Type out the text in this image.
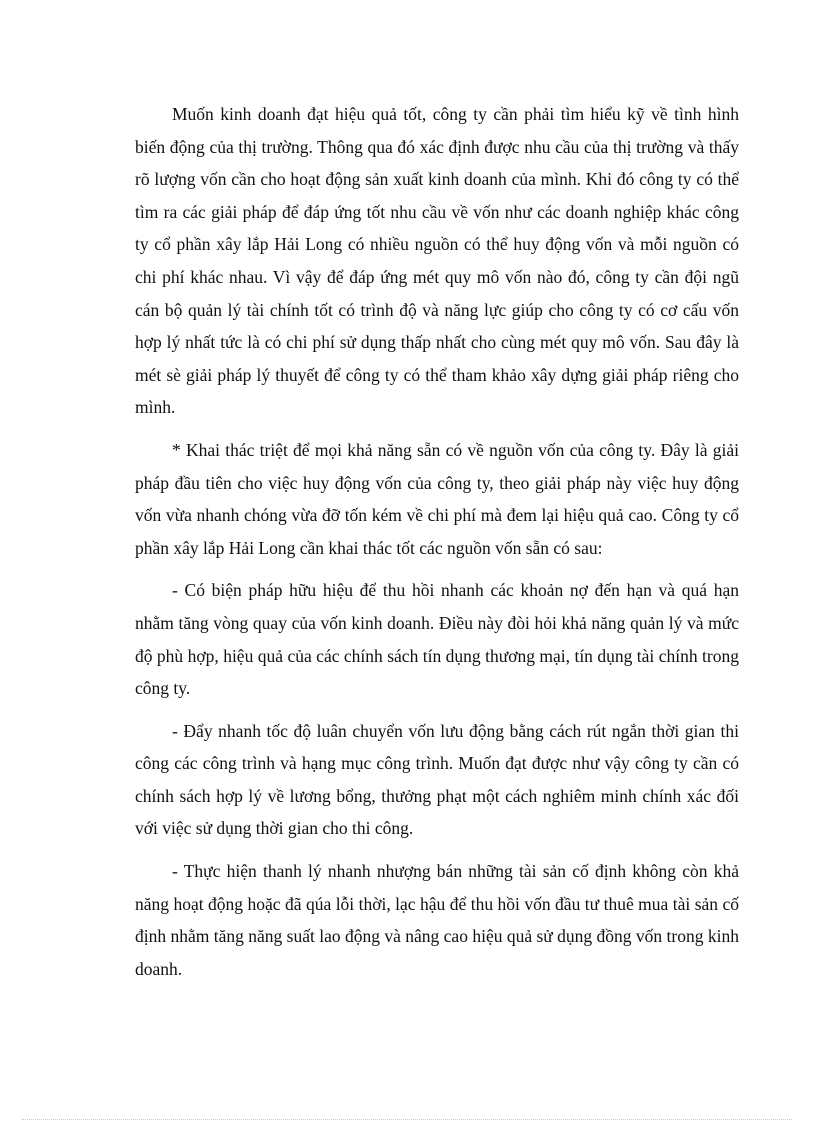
Muốn kinh doanh đạt hiệu quả tốt, công ty cần phải tìm hiểu kỹ về tình hình biến động của thị trường. Thông qua đó xác định được nhu cầu của thị trường và thấy rõ lượng vốn cần cho hoạt động sản xuất kinh doanh của mình. Khi đó công ty có thể tìm ra các giải pháp để đáp ứng tốt nhu cầu về vốn như các doanh nghiệp khác công ty cổ phần xây lắp Hải Long có nhiều nguồn có thể huy động vốn và mỗi nguồn có chi phí khác nhau. Vì vậy để đáp ứng mét quy mô vốn nào đó, công ty cần đội ngũ cán bộ quản lý tài chính tốt có trình độ và năng lực giúp cho công ty có cơ cấu vốn hợp lý nhất tức là có chi phí sử dụng thấp nhất cho cùng mét quy mô vốn. Sau đây là mét sè giải pháp lý thuyết để công ty có thể tham khảo xây dựng giải pháp riêng cho mình.

* Khai thác triệt để mọi khả năng sẵn có về nguồn vốn của công ty. Đây là giải pháp đầu tiên cho việc huy động vốn của công ty, theo giải pháp này việc huy động vốn vừa nhanh chóng vừa đỡ tốn kém về chi phí mà đem lại hiệu quả cao. Công ty cổ phần xây lắp Hải Long cần khai thác tốt các nguồn vốn sẵn có sau:

- Có biện pháp hữu hiệu để thu hồi nhanh các khoản nợ đến hạn và quá hạn nhằm tăng vòng quay của vốn kinh doanh. Điều này đòi hỏi khả năng quản lý và mức độ phù hợp, hiệu quả của các chính sách tín dụng thương mại, tín dụng tài chính trong công ty.

- Đẩy nhanh tốc độ luân chuyển vốn lưu động bằng cách rút ngắn thời gian thi công các công trình và hạng mục công trình. Muốn đạt được như vậy công ty cần có chính sách hợp lý về lương bổng, thưởng phạt một cách nghiêm minh chính xác đối với việc sử dụng thời gian cho thi công.

- Thực hiện thanh lý nhanh nhượng bán những tài sản cố định không còn khả năng hoạt động hoặc đã qúa lỗi thời, lạc hậu để thu hồi vốn đầu tư thuê mua tài sản cố định nhằm tăng năng suất lao động và nâng cao hiệu quả sử dụng đồng vốn trong kinh doanh.
